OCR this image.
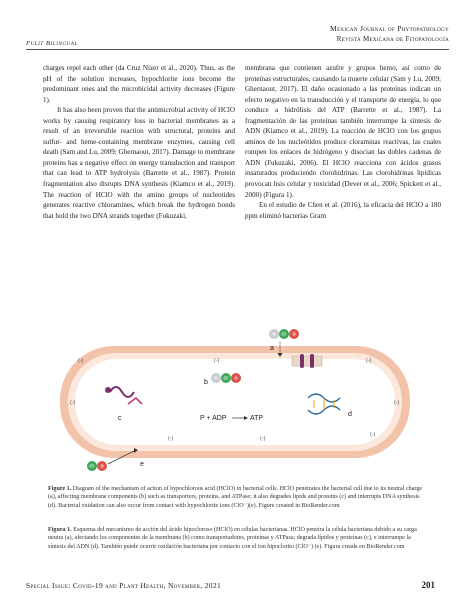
Fulit Bilingual
Mexican Journal of Phytopathology
Revista Mexicana de Fitopatología

charges repel each other (da Cruz Nizer et al., 2020). Thus, as the pH of the solution increases, hypochlorite ions become the predominant ones and the microbicidal activity decreases (Figure 1).

It has also been proven that the antimicrobial activity of HClO works by causing respiratory loss in bacterial membranes as a result of an irreversible reaction with structural, proteins and sulfur- and heme-containing membrane enzymes, causing cell death (Sam and Lu, 2009; Ghernaout, 2017). Damage to membrane proteins has a negative effect on energy transduction and transport that can lead to ATP hydrolysis (Barrette et al., 1987). Protein fragmentation also disrupts DNA synthesis (Kiamco et al., 2019). The reaction of HClO with the amino groups of nucleotides generates reactive chloramines, which break the hydrogen bonds that hold the two DNA strands together (Fukuzaki,

membrana que contienen azufre y grupos hemo, así como de proteínas estructurales, causando la muerte celular (Sam y Lu, 2009; Ghernaout, 2017). El daño ocasionado a las proteínas indican un efecto negativo en la transducción y el transporte de energía, lo que conduce a hidrólisis del ATP (Barrette et al., 1987). La fragmentación de las proteínas también interrumpe la síntesis de ADN (Kiamco et al., 2019). La reacción de HClO con los grupos aminos de los nucleótidos produce cloraminas reactivas, las cuales rompen los enlaces de hidrógeno y disocian las dobles cadenas de ADN (Fukuzaki, 2006). El HClO reacciona con ácidos grasos insaturados produciendo clorohidrinas. Las clorohidrinas lipídicas provocan lisis celular y toxicidad (Dever et al., 2006; Spickett et al., 2000) (Figura 1).

En el estudio de Chen et al. (2016), la eficacia del HClO a 180 ppm eliminó bacterias Gram

(-)	(-)	(-)
(-)	(-)
(-)	(-)
(-)
H Cl O
a
H Cl O
b
c	P + ADP	ATP
d
Cl O	e
Figure 1. Diagram of the mechanism of action of hypochlorous acid (HClO) in bacterial cells. HClO penetrates the bacterial cell due to its neutral charge (a), affecting membrane components (b) such as transporters, proteins, and ATPase; it also degrades lipids and proteins (c) and interrupts DNA synthesis (d). Bacterial oxidation can also occur from contact with hypochlorite ions (ClO⁻)(e). Figure created in BioRender.com
Figura 1. Esquema del mecanismo de acción del ácido hipocloroso (HClO) en células bacterianas. HClO penetra la célula bacteriana debido a su carga neutra (a), afectando los componentes de la membrana (b) como transportadores, proteínas y ATPasa; degrada lípidos y proteínas (c), e interrumpe la síntesis del ADN (d). También puede ocurrir oxidación bacteriana por contacto con el ion hipoclorito (ClO⁻) (e). Figura creada en BioRender.com
Special Issue: Covid-19 and Plant Health, November, 2021	201
